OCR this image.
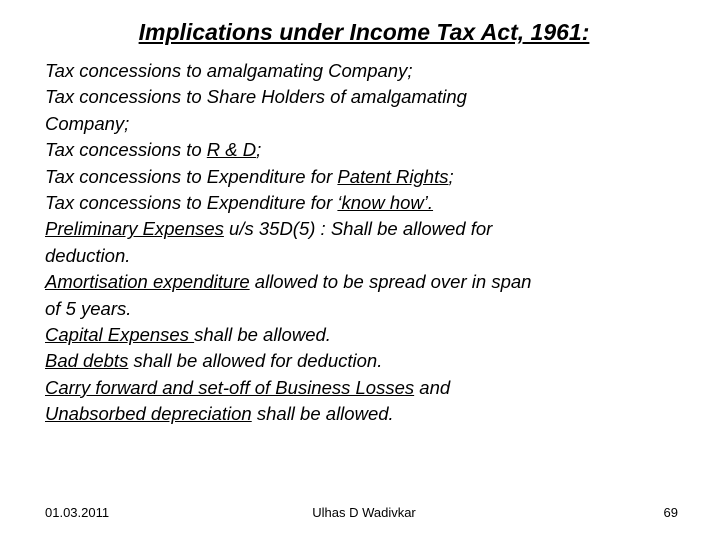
Implications under Income Tax Act, 1961:
Tax concessions to amalgamating Company;
Tax concessions to Share Holders of amalgamating
Company;
Tax concessions to R & D;
Tax concessions to Expenditure for Patent Rights;
Tax concessions to Expenditure for ‘know how’.
Preliminary Expenses u/s 35D(5) : Shall be allowed for
deduction.
Amortisation expenditure allowed to be spread over in span
of 5 years.
Capital Expenses shall be allowed.
Bad debts shall be allowed for deduction.
Carry forward and set-off of Business Losses and
Unabsorbed depreciation shall be allowed.
01.03.2011	Ulhas D Wadivkar	69
